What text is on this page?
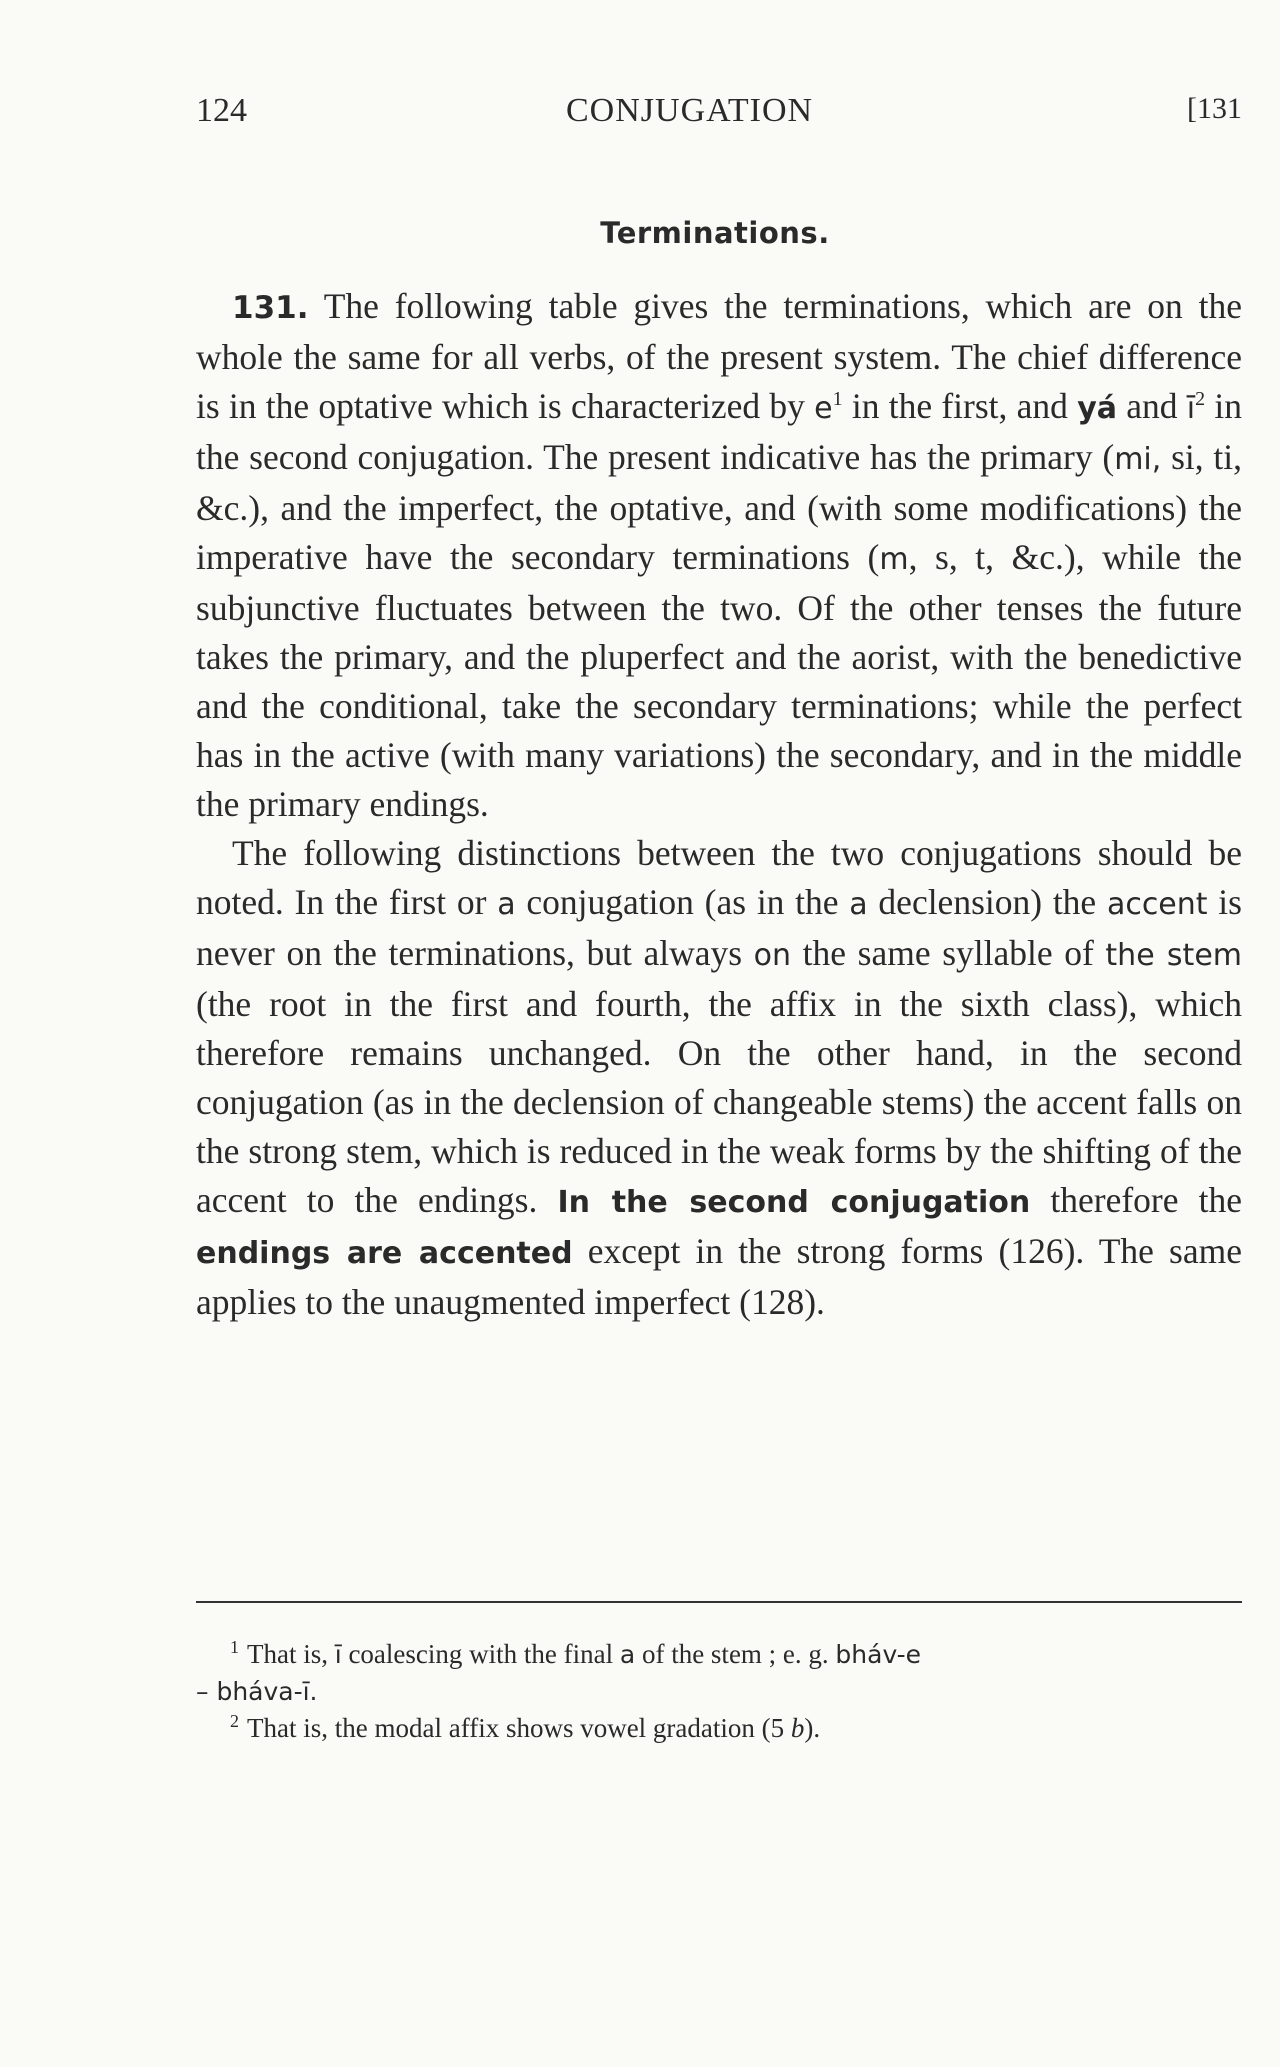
124	CONJUGATION	[131
Terminations.

131. The following table gives the terminations, which are on the whole the same for all verbs, of the present system. The chief difference is in the optative which is characterized by $e^1$ in the first, and yá and $ī^2$ in the second conjugation. The present indicative has the primary (mi, si, ti, &c.), and the imperfect, the optative, and (with some modifications) the imperative have the secondary terminations (m, s, t, &c.), while the subjunctive fluctuates between the two. Of the other tenses the future takes the primary, and the pluperfect and the aorist, with the benedictive and the conditional, take the secondary terminations; while the perfect has in the active (with many variations) the secondary, and in the middle the primary endings.

The following distinctions between the two conjugations should be noted. In the first or a conjugation (as in the a declension) the accent is never on the terminations, but always on the same syllable of the stem (the root in the first and fourth, the affix in the sixth class), which therefore remains unchanged. On the other hand, in the second conjugation (as in the declension of changeable stems) the accent falls on the strong stem, which is reduced in the weak forms by the shifting of the accent to the endings. In the second conjugation therefore the endings are accented except in the strong forms (126). The same applies to the unaugmented imperfect (128).

$^1$ That is, ī coalescing with the final a of the stem ; e. g. bháv-e
– bháva-ī.

$^2$ That is, the modal affix shows vowel gradation (5 b).
